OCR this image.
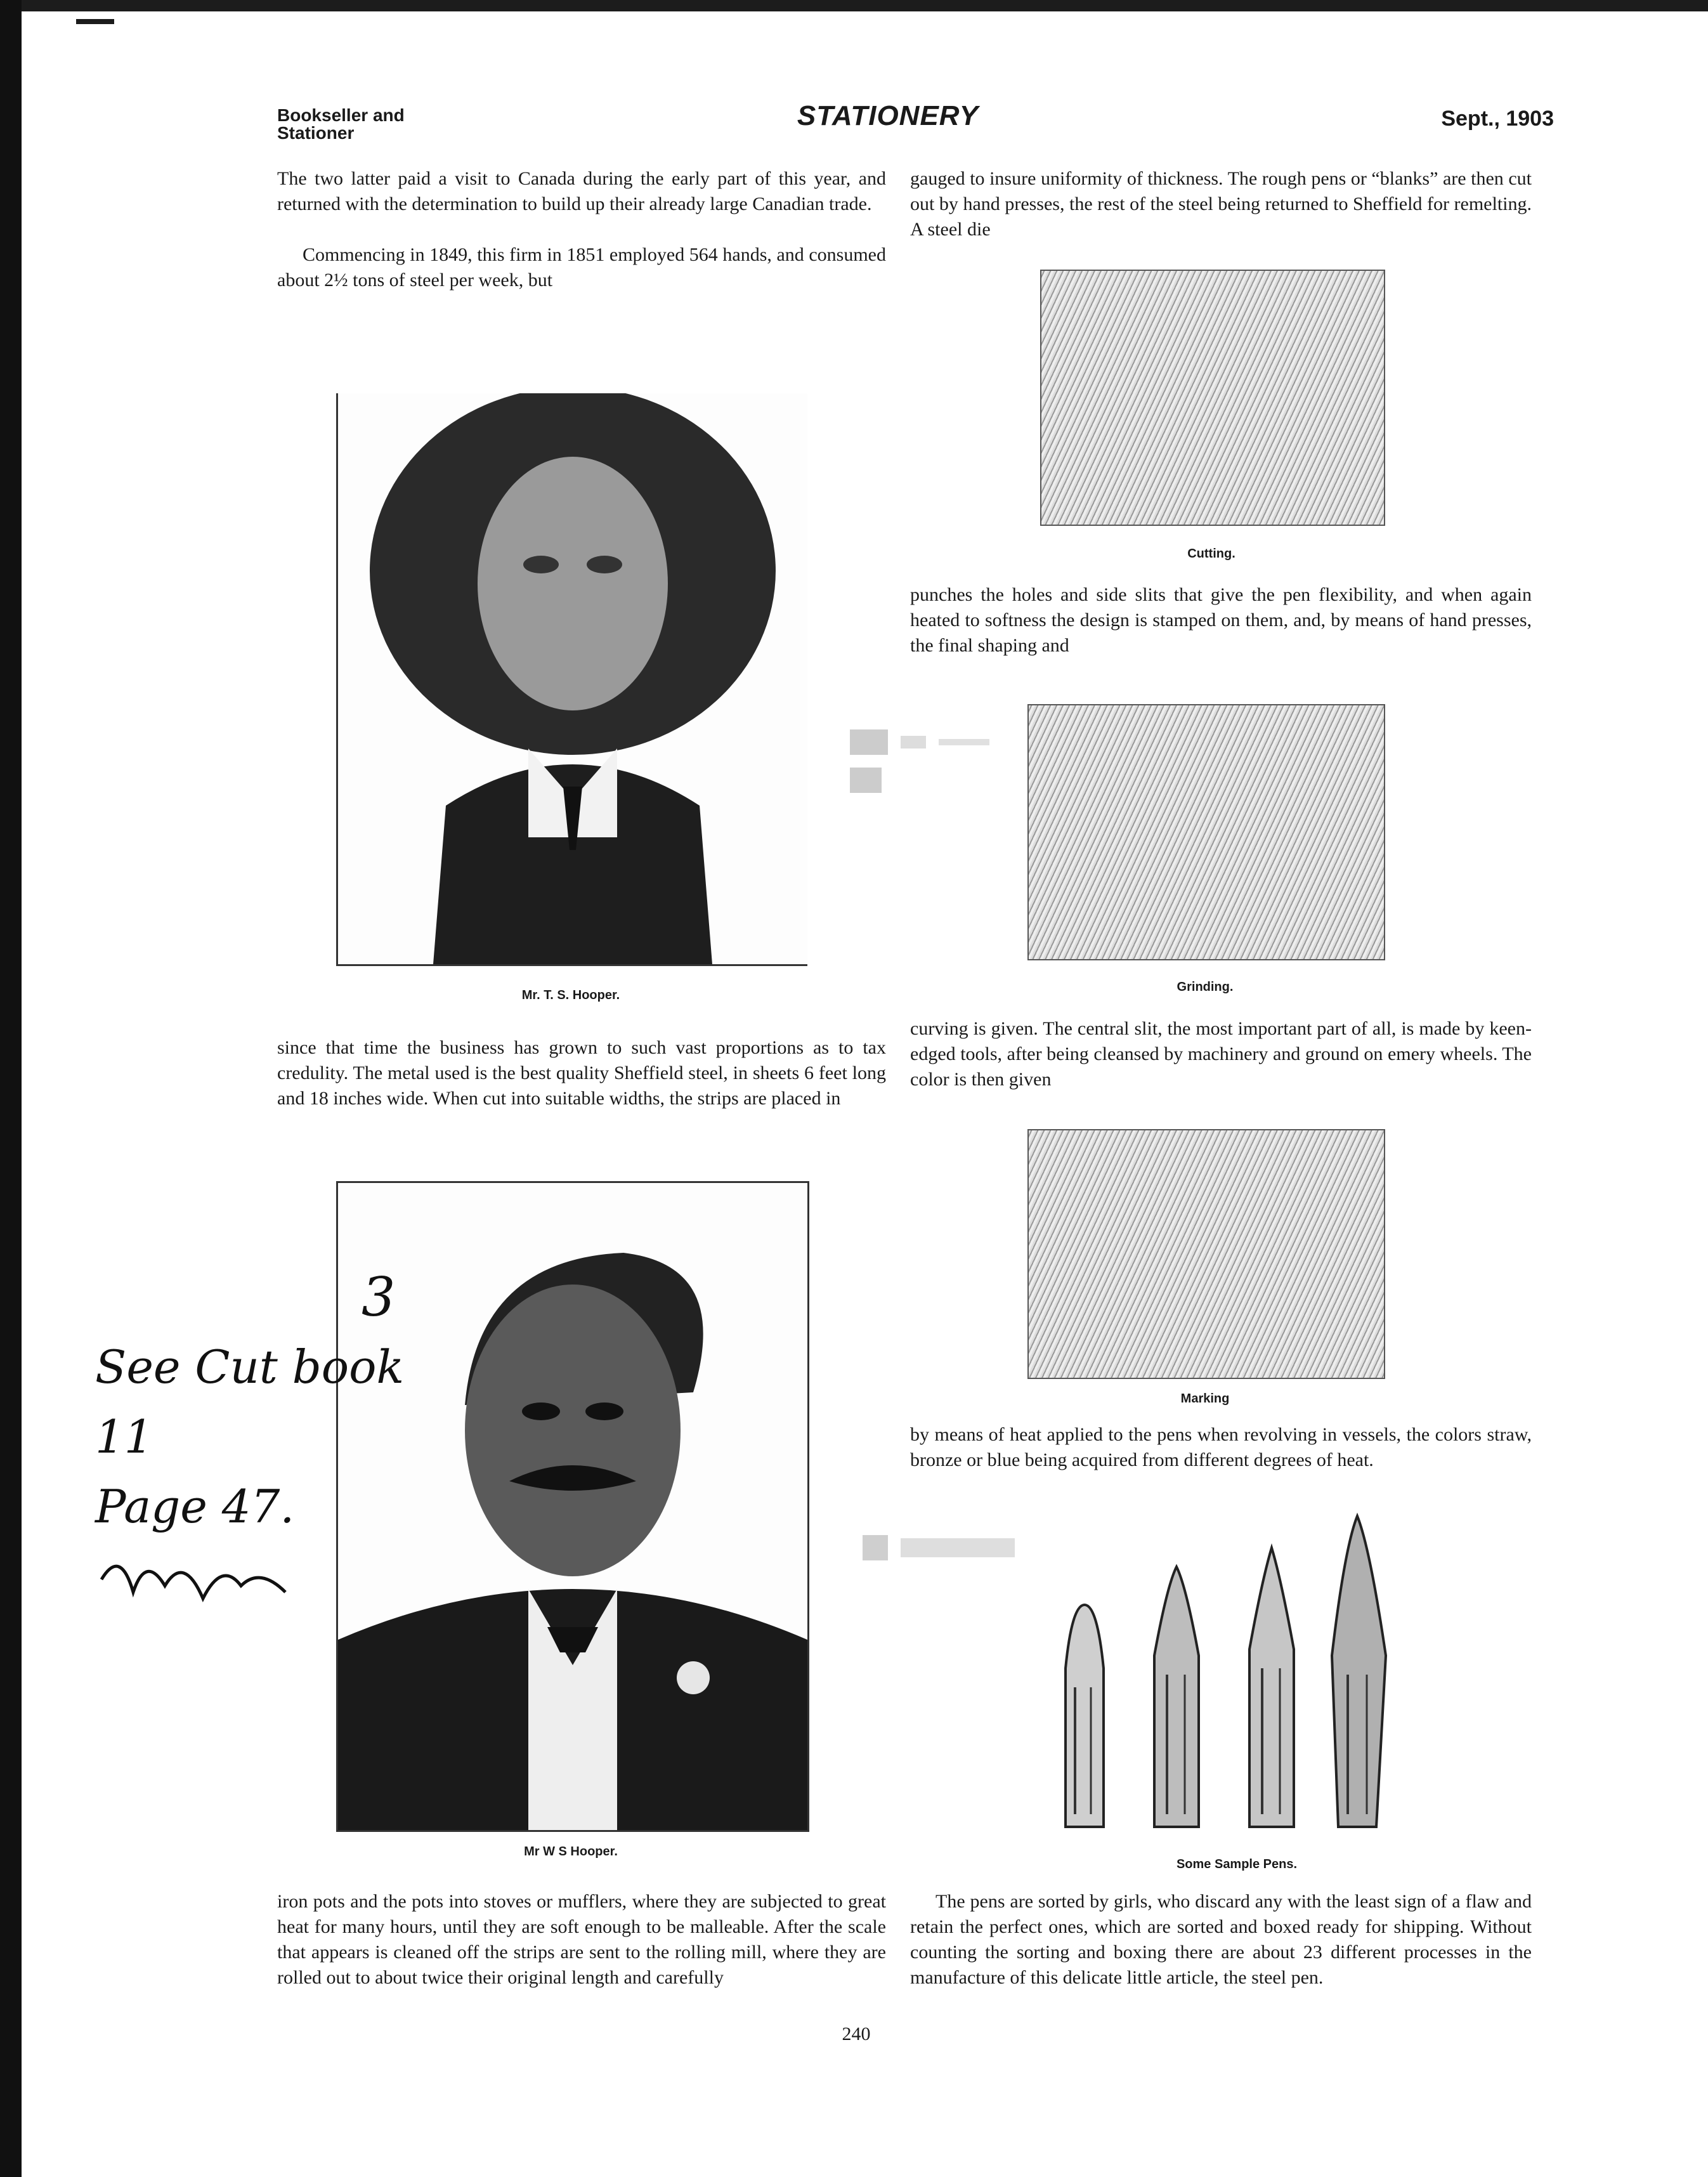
Bookseller and
Stationer
STATIONERY	Sept., 1903

The two latter paid a visit to Canada during the early part of this year, and returned with the determination to build up their already large Canadian trade.

Commencing in 1849, this firm in 1851 employed 564 hands, and consumed about 2½ tons of steel per week, but

Mr. T. S. Hooper.

since that time the business has grown to such vast proportions as to tax credulity. The metal used is the best quality Sheffield steel, in sheets 6 feet long and 18 inches wide. When cut into suitable widths, the strips are placed in

Mr W S Hooper.

iron pots and the pots into stoves or mufflers, where they are subjected to great heat for many hours, until they are soft enough to be malleable. After the scale that appears is cleaned off the strips are sent to the rolling mill, where they are rolled out to about twice their original length and carefully

gauged to insure uniformity of thickness. The rough pens or “blanks” are then cut out by hand presses, the rest of the steel being returned to Sheffield for remelting. A steel die

Cutting.

punches the holes and side slits that give the pen flexibility, and when again heated to softness the design is stamped on them, and, by means of hand presses, the final shaping and

Grinding.

curving is given. The central slit, the most important part of all, is made by keen-edged tools, after being cleansed by machinery and ground on emery wheels. The color is then given

Marking

by means of heat applied to the pens when revolving in vessels, the colors straw, bronze or blue being acquired from different degrees of heat.

Some Sample Pens.

The pens are sorted by girls, who discard any with the least sign of a flaw and retain the perfect ones, which are sorted and boxed ready for shipping. Without counting the sorting and boxing there are about 23 different processes in the manufacture of this delicate little article, the steel pen.

3
See Cut book 11
Page 47.
240
